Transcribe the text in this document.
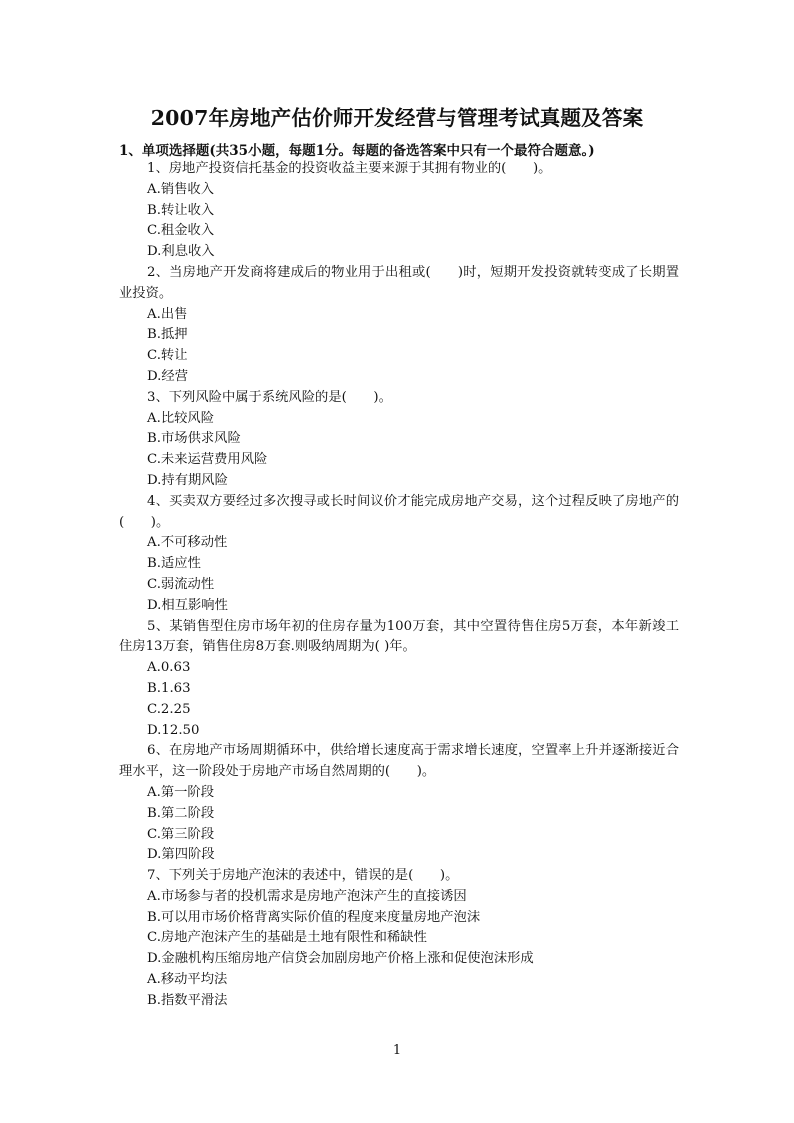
2007年房地产估价师开发经营与管理考试真题及答案
1、单项选择题(共35小题，每题1分。每题的备选答案中只有一个最符合题意。)

1、房地产投资信托基金的投资收益主要来源于其拥有物业的(　　)。

A.销售收入

B.转让收入

C.租金收入

D.利息收入

2、当房地产开发商将建成后的物业用于出租或(　　)时，短期开发投资就转变成了长期置业投资。

A.出售

B.抵押

C.转让

D.经营

3、下列风险中属于系统风险的是(　　)。

A.比较风险

B.市场供求风险

C.未来运营费用风险

D.持有期风险

4、买卖双方要经过多次搜寻或长时间议价才能完成房地产交易，这个过程反映了房地产的(　　)。

A.不可移动性

B.适应性

C.弱流动性

D.相互影响性

5、某销售型住房市场年初的住房存量为100万套，其中空置待售住房5万套，本年新竣工住房13万套，销售住房8万套.则吸纳周期为( )年。

A.0.63

B.1.63

C.2.25

D.12.50

6、在房地产市场周期循环中，供给增长速度高于需求增长速度，空置率上升并逐渐接近合理水平，这一阶段处于房地产市场自然周期的(　　)。

A.第一阶段

B.第二阶段

C.第三阶段

D.第四阶段

7、下列关于房地产泡沫的表述中，错误的是(　　)。

A.市场参与者的投机需求是房地产泡沫产生的直接诱因

B.可以用市场价格背离实际价值的程度来度量房地产泡沫

C.房地产泡沫产生的基础是土地有限性和稀缺性

D.金融机构压缩房地产信贷会加剧房地产价格上涨和促使泡沫形成

A.移动平均法

B.指数平滑法

1
